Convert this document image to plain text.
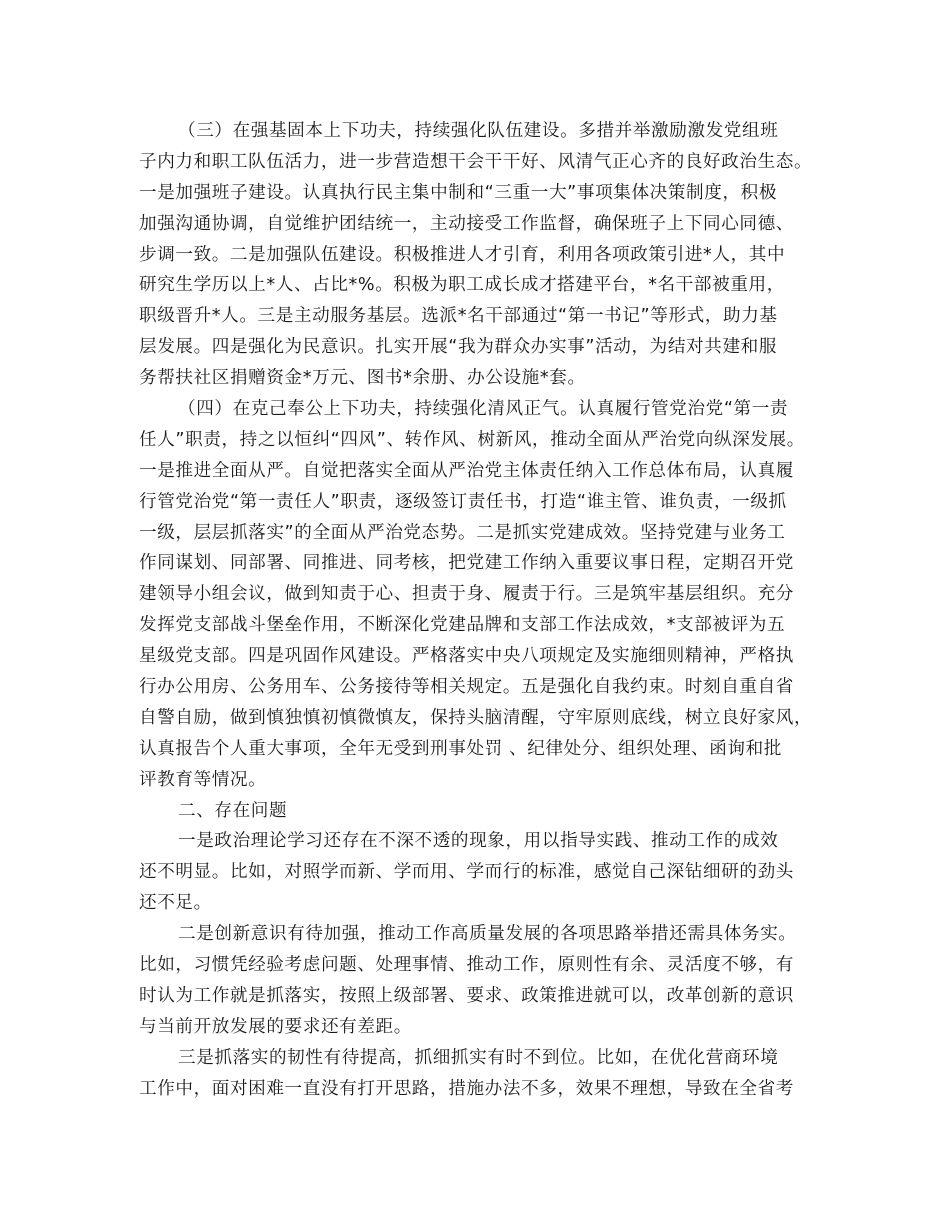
（三）在强基固本上下功夫，持续强化队伍建设。多措并举激励激发党组班
子内力和职工队伍活力，进一步营造想干会干干好、风清气正心齐的良好政治生态。
一是加强班子建设。认真执行民主集中制和“三重一大”事项集体决策制度，积极
加强沟通协调，自觉维护团结统一，主动接受工作监督，确保班子上下同心同德、
步调一致。二是加强队伍建设。积极推进人才引育，利用各项政策引进*人，其中
研究生学历以上*人、占比*%。积极为职工成长成才搭建平台，*名干部被重用，
职级晋升*人。三是主动服务基层。选派*名干部通过“第一书记”等形式，助力基
层发展。四是强化为民意识。扎实开展“我为群众办实事”活动，为结对共建和服
务帮扶社区捐赠资金*万元、图书*余册、办公设施*套。
（四）在克己奉公上下功夫，持续强化清风正气。认真履行管党治党“第一责
任人”职责，持之以恒纠“四风”、转作风、树新风，推动全面从严治党向纵深发展。
一是推进全面从严。自觉把落实全面从严治党主体责任纳入工作总体布局，认真履
行管党治党“第一责任人”职责，逐级签订责任书，打造“谁主管、谁负责，一级抓
一级，层层抓落实”的全面从严治党态势。二是抓实党建成效。坚持党建与业务工
作同谋划、同部署、同推进、同考核，把党建工作纳入重要议事日程，定期召开党
建领导小组会议，做到知责于心、担责于身、履责于行。三是筑牢基层组织。充分
发挥党支部战斗堡垒作用，不断深化党建品牌和支部工作法成效，*支部被评为五
星级党支部。四是巩固作风建设。严格落实中央八项规定及实施细则精神，严格执
行办公用房、公务用车、公务接待等相关规定。五是强化自我约束。时刻自重自省
自警自励，做到慎独慎初慎微慎友，保持头脑清醒，守牢原则底线，树立良好家风，
认真报告个人重大事项，全年无受到刑事处罚 、纪律处分、组织处理、函询和批
评教育等情况。
二、存在问题
一是政治理论学习还存在不深不透的现象，用以指导实践、推动工作的成效
还不明显。比如，对照学而新、学而用、学而行的标准，感觉自己深钻细研的劲头
还不足。
二是创新意识有待加强，推动工作高质量发展的各项思路举措还需具体务实。
比如，习惯凭经验考虑问题、处理事情、推动工作，原则性有余、灵活度不够，有
时认为工作就是抓落实，按照上级部署、要求、政策推进就可以，改革创新的意识
与当前开放发展的要求还有差距。
三是抓落实的韧性有待提高，抓细抓实有时不到位。比如，在优化营商环境
工作中，面对困难一直没有打开思路，措施办法不多，效果不理想，导致在全省考
